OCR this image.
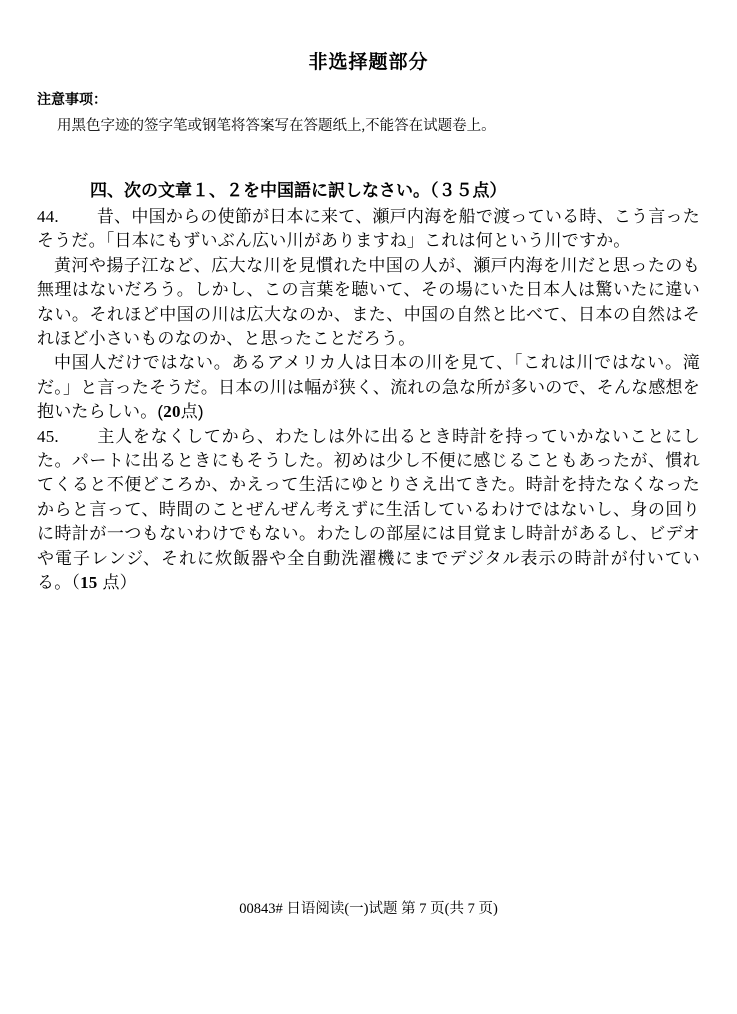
非选择题部分
注意事项：
用黑色字迹的签字笔或钢笔将答案写在答题纸上,不能答在试题卷上。
四、次の文章１、２を中国語に訳しなさい。（３５点）

44. 昔、中国からの使節が日本に来て、瀬戸内海を船で渡っている時、こう言ったそうだ。「日本にもずいぶん広い川がありますね」これは何という川ですか。

黄河や揚子江など、広大な川を見慣れた中国の人が、瀬戸内海を川だと思ったのも無理はないだろう。しかし、この言葉を聴いて、その場にいた日本人は驚いたに違いない。それほど中国の川は広大なのか、また、中国の自然と比べて、日本の自然はそれほど小さいものなのか、と思ったことだろう。

中国人だけではない。あるアメリカ人は日本の川を見て、「これは川ではない。滝だ。」と言ったそうだ。日本の川は幅が狭く、流れの急な所が多いので、そんな感想を抱いたらしい。(20点)

45. 主人をなくしてから、わたしは外に出るとき時計を持っていかないことにした。パートに出るときにもそうした。初めは少し不便に感じることもあったが、慣れてくると不便どころか、かえって生活にゆとりさえ出てきた。時計を持たなくなったからと言って、時間のことぜんぜん考えずに生活しているわけではないし、身の回りに時計が一つもないわけでもない。わたしの部屋には目覚まし時計があるし、ビデオや電子レンジ、それに炊飯器や全自動洗濯機にまでデジタル表示の時計が付いている。（15 点）

00843# 日语阅读(一)试题 第 7 页(共 7 页)
